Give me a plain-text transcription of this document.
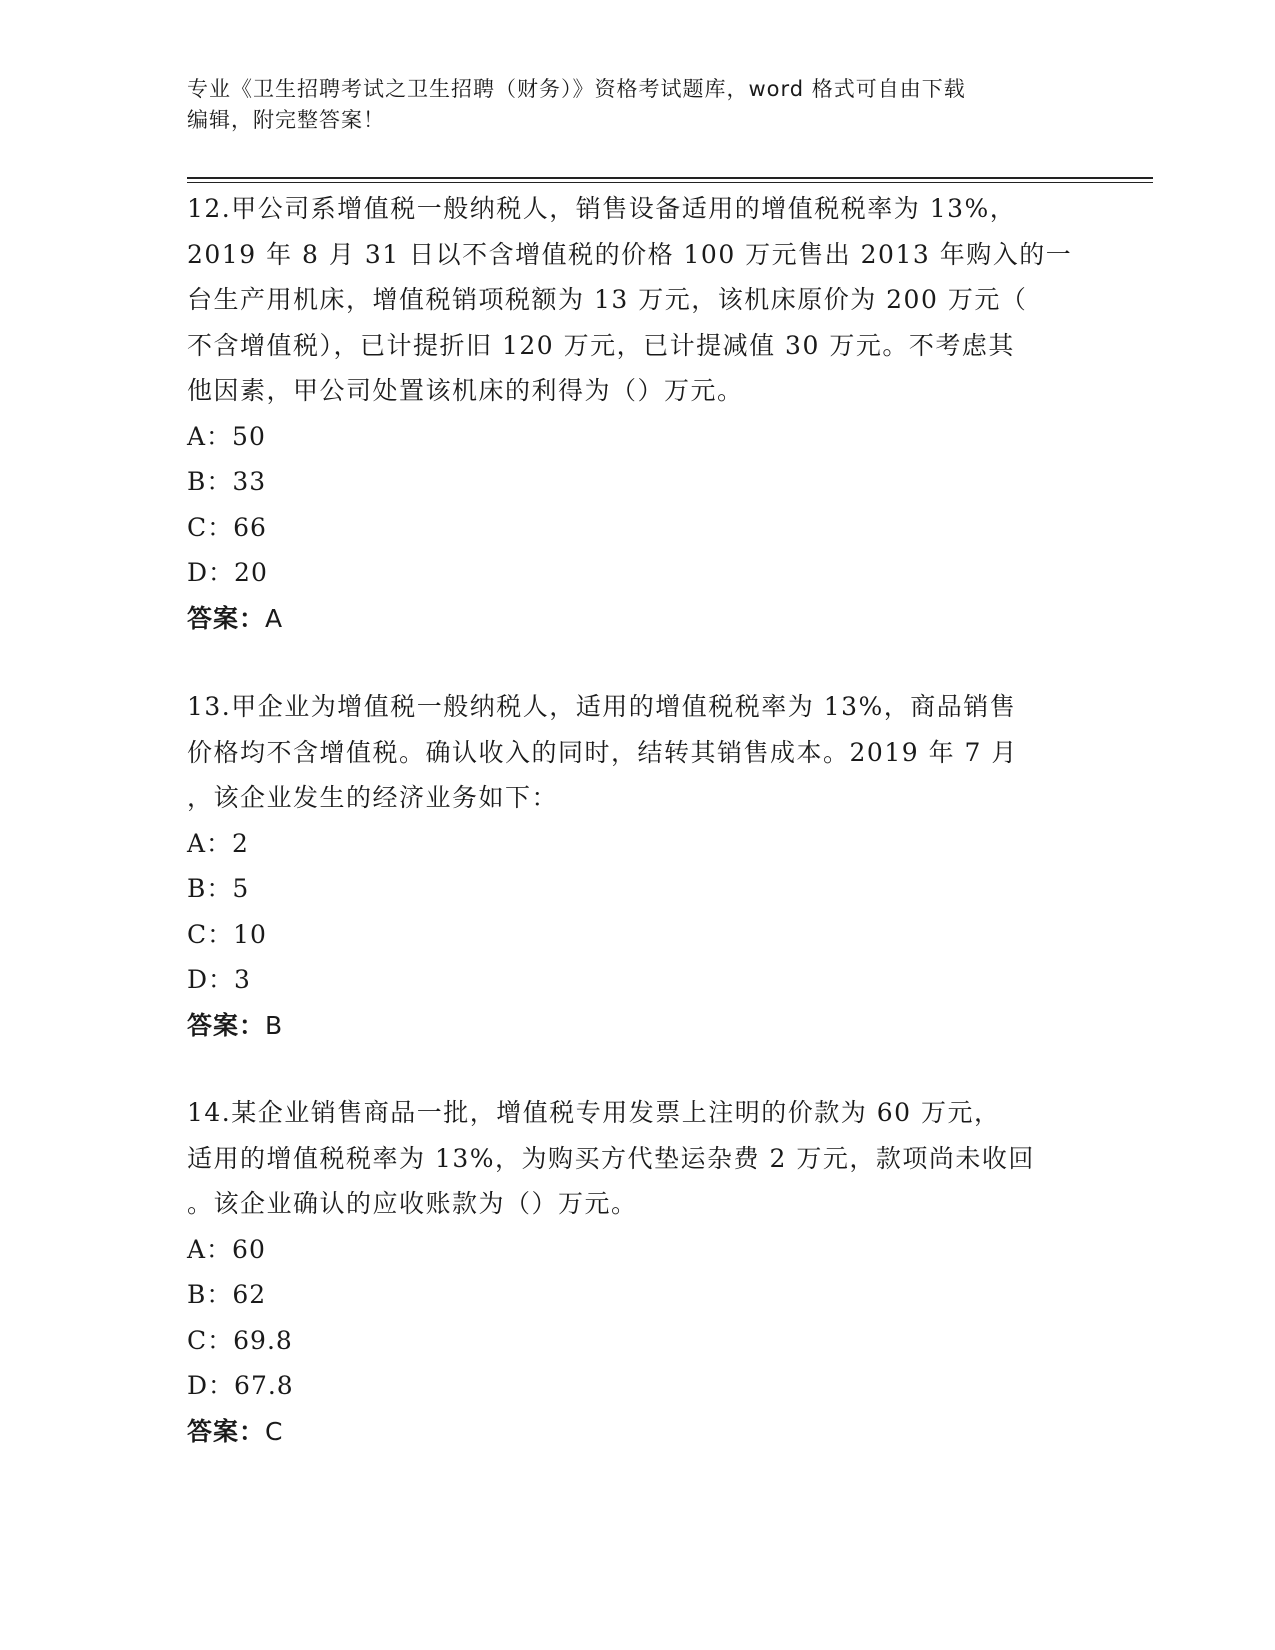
专业《卫生招聘考试之卫生招聘（财务）》资格考试题库，word 格式可自由下载
编辑，附完整答案！

12.甲公司系增值税一般纳税人，销售设备适用的增值税税率为 13%，

2019 年 8 月 31 日以不含增值税的价格 100 万元售出 2013 年购入的一

台生产用机床，增值税销项税额为 13 万元，该机床原价为 200 万元（

不含增值税），已计提折旧 120 万元，已计提减值 30 万元。不考虑其

他因素，甲公司处置该机床的利得为（）万元。

A：50

B：33

C：66

D：20

答案：A

13.甲企业为增值税一般纳税人，适用的增值税税率为 13%，商品销售

价格均不含增值税。确认收入的同时，结转其销售成本。2019 年 7 月

，该企业发生的经济业务如下：

A：2

B：5

C：10

D：3

答案：B

14.某企业销售商品一批，增值税专用发票上注明的价款为 60 万元，

适用的增值税税率为 13%，为购买方代垫运杂费 2 万元，款项尚未收回

。该企业确认的应收账款为（）万元。

A：60

B：62

C：69.8

D：67.8

答案：C
